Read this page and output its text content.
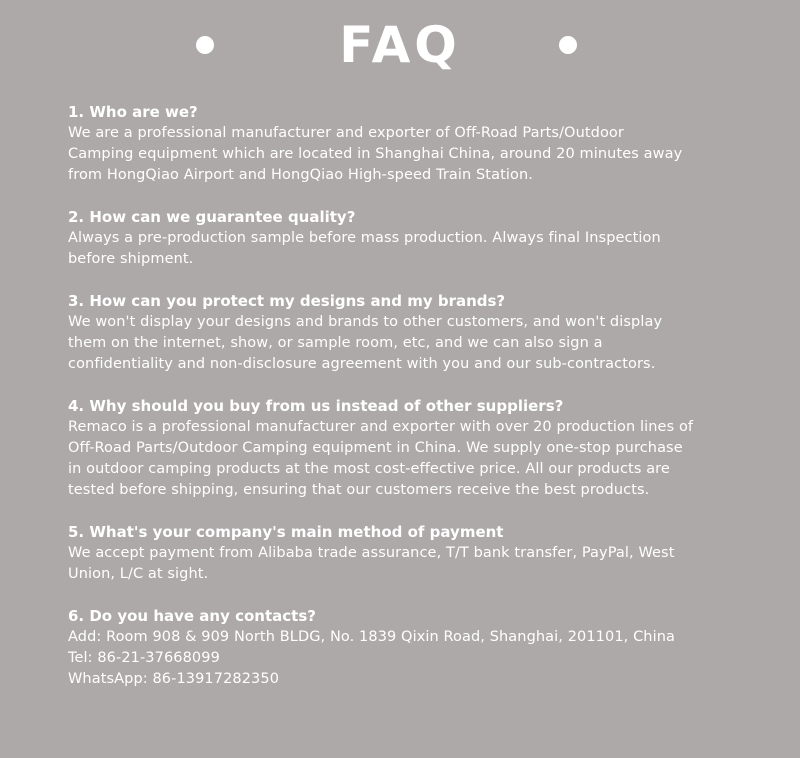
FAQ

1. Who are we?

We are a professional manufacturer and exporter of Off-Road Parts/Outdoor

Camping equipment which are located in Shanghai China, around 20 minutes away

from HongQiao Airport and HongQiao High-speed Train Station.

2. How can we guarantee quality?

Always a pre-production sample before mass production. Always final Inspection

before shipment.

3. How can you protect my designs and my brands?

We won't display your designs and brands to other customers, and won't display

them on the internet, show, or sample room, etc, and we can also sign a

confidentiality and non-disclosure agreement with you and our sub-contractors.

4. Why should you buy from us instead of other suppliers?

Remaco is a professional manufacturer and exporter with over 20 production lines of

Off-Road Parts/Outdoor Camping equipment in China. We supply one-stop purchase

in outdoor camping products at the most cost-effective price. All our products are

tested before shipping, ensuring that our customers receive the best products.

5. What's your company's main method of payment

We accept payment from Alibaba trade assurance, T/T bank transfer, PayPal, West

Union, L/C at sight.

6. Do you have any contacts?

Add: Room 908 & 909 North BLDG, No. 1839 Qixin Road, Shanghai, 201101, China

Tel: 86-21-37668099

WhatsApp: 86-13917282350
